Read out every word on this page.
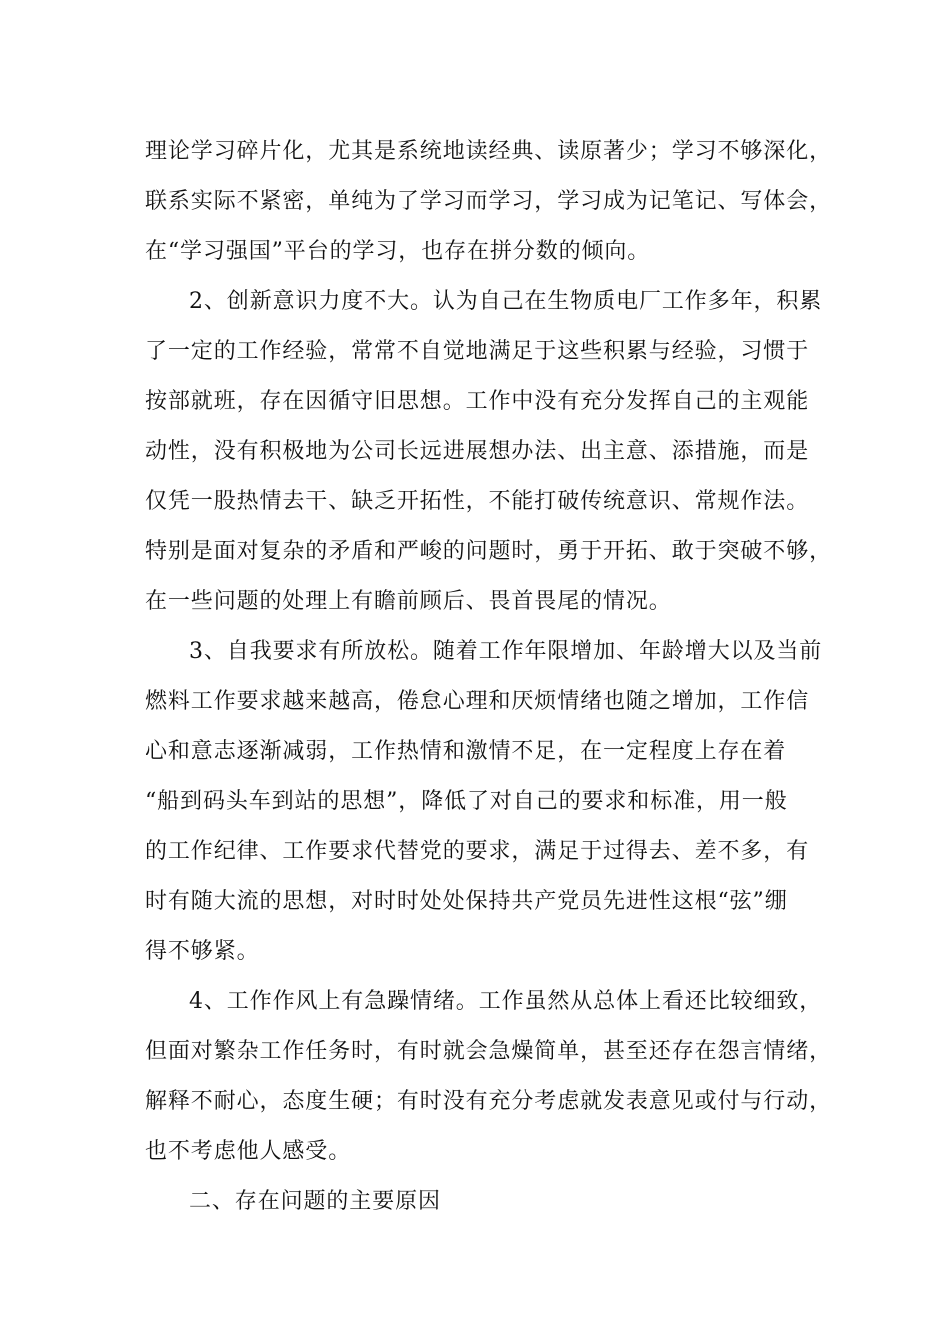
理论学习碎片化，尤其是系统地读经典、读原著少；学习不够深化，
联系实际不紧密，单纯为了学习而学习，学习成为记笔记、写体会，
在“学习强国”平台的学习，也存在拼分数的倾向。
2、创新意识力度不大。认为自己在生物质电厂工作多年，积累
了一定的工作经验，常常不自觉地满足于这些积累与经验，习惯于
按部就班，存在因循守旧思想。工作中没有充分发挥自己的主观能
动性，没有积极地为公司长远进展想办法、出主意、添措施，而是
仅凭一股热情去干、缺乏开拓性，不能打破传统意识、常规作法。
特别是面对复杂的矛盾和严峻的问题时，勇于开拓、敢于突破不够，
在一些问题的处理上有瞻前顾后、畏首畏尾的情况。
3、自我要求有所放松。随着工作年限增加、年龄增大以及当前
燃料工作要求越来越高，倦怠心理和厌烦情绪也随之增加，工作信
心和意志逐渐减弱，工作热情和激情不足，在一定程度上存在着
“船到码头车到站的思想”，降低了对自己的要求和标准，用一般
的工作纪律、工作要求代替党的要求，满足于过得去、差不多，有
时有随大流的思想，对时时处处保持共产党员先进性这根“弦”绷
得不够紧。
4、工作作风上有急躁情绪。工作虽然从总体上看还比较细致，
但面对繁杂工作任务时，有时就会急燥简单，甚至还存在怨言情绪，
解释不耐心，态度生硬；有时没有充分考虑就发表意见或付与行动，
也不考虑他人感受。
二、存在问题的主要原因
